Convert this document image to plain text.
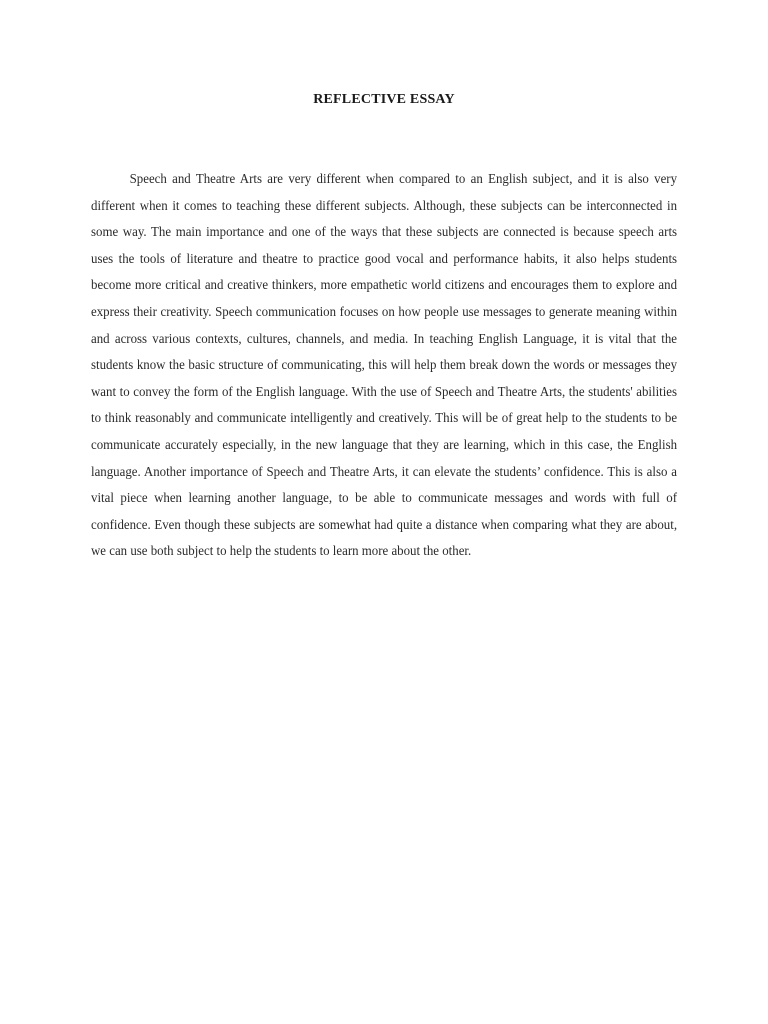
REFLECTIVE ESSAY

Speech and Theatre Arts are very different when compared to an English subject, and it is also very different when it comes to teaching these different subjects. Although, these subjects can be interconnected in some way. The main importance and one of the ways that these subjects are connected is because speech arts uses the tools of literature and theatre to practice good vocal and performance habits, it also helps students become more critical and creative thinkers, more empathetic world citizens and encourages them to explore and express their creativity. Speech communication focuses on how people use messages to generate meaning within and across various contexts, cultures, channels, and media. In teaching English Language, it is vital that the students know the basic structure of communicating, this will help them break down the words or messages they want to convey the form of the English language. With the use of Speech and Theatre Arts, the students' abilities to think reasonably and communicate intelligently and creatively. This will be of great help to the students to be communicate accurately especially, in the new language that they are learning, which in this case, the English language. Another importance of Speech and Theatre Arts, it can elevate the students’ confidence. This is also a vital piece when learning another language, to be able to communicate messages and words with full of confidence. Even though these subjects are somewhat had quite a distance when comparing what they are about, we can use both subject to help the students to learn more about the other.
